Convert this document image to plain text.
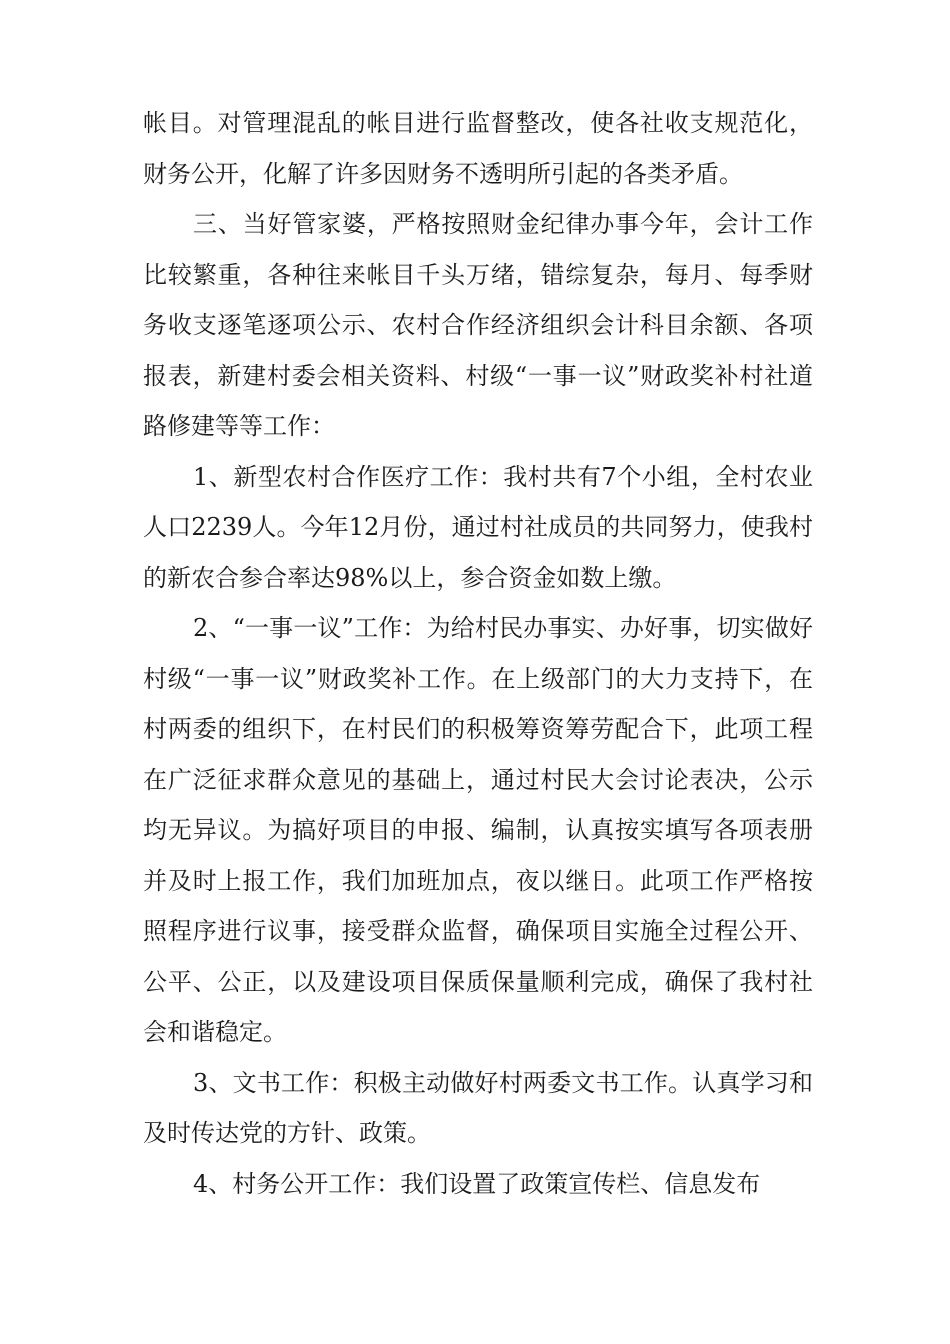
帐目。对管理混乱的帐目进行监督整改，使各社收支规范化，财务公开，化解了许多因财务不透明所引起的各类矛盾。

三、当好管家婆，严格按照财金纪律办事今年，会计工作比较繁重，各种往来帐目千头万绪，错综复杂，每月、每季财务收支逐笔逐项公示、农村合作经济组织会计科目余额、各项报表，新建村委会相关资料、村级“一事一议”财政奖补村社道路修建等等工作：

1、新型农村合作医疗工作：我村共有7个小组，全村农业人口2239人。今年12月份，通过村社成员的共同努力，使我村的新农合参合率达98%以上，参合资金如数上缴。

2、“一事一议”工作：为给村民办事实、办好事，切实做好村级“一事一议”财政奖补工作。在上级部门的大力支持下，在村两委的组织下，在村民们的积极筹资筹劳配合下，此项工程在广泛征求群众意见的基础上，通过村民大会讨论表决，公示均无异议。为搞好项目的申报、编制，认真按实填写各项表册并及时上报工作，我们加班加点，夜以继日。此项工作严格按照程序进行议事，接受群众监督，确保项目实施全过程公开、公平、公正，以及建设项目保质保量顺利完成，确保了我村社会和谐稳定。

3、文书工作：积极主动做好村两委文书工作。认真学习和及时传达党的方针、政策。

4、村务公开工作：我们设置了政策宣传栏、信息发布
